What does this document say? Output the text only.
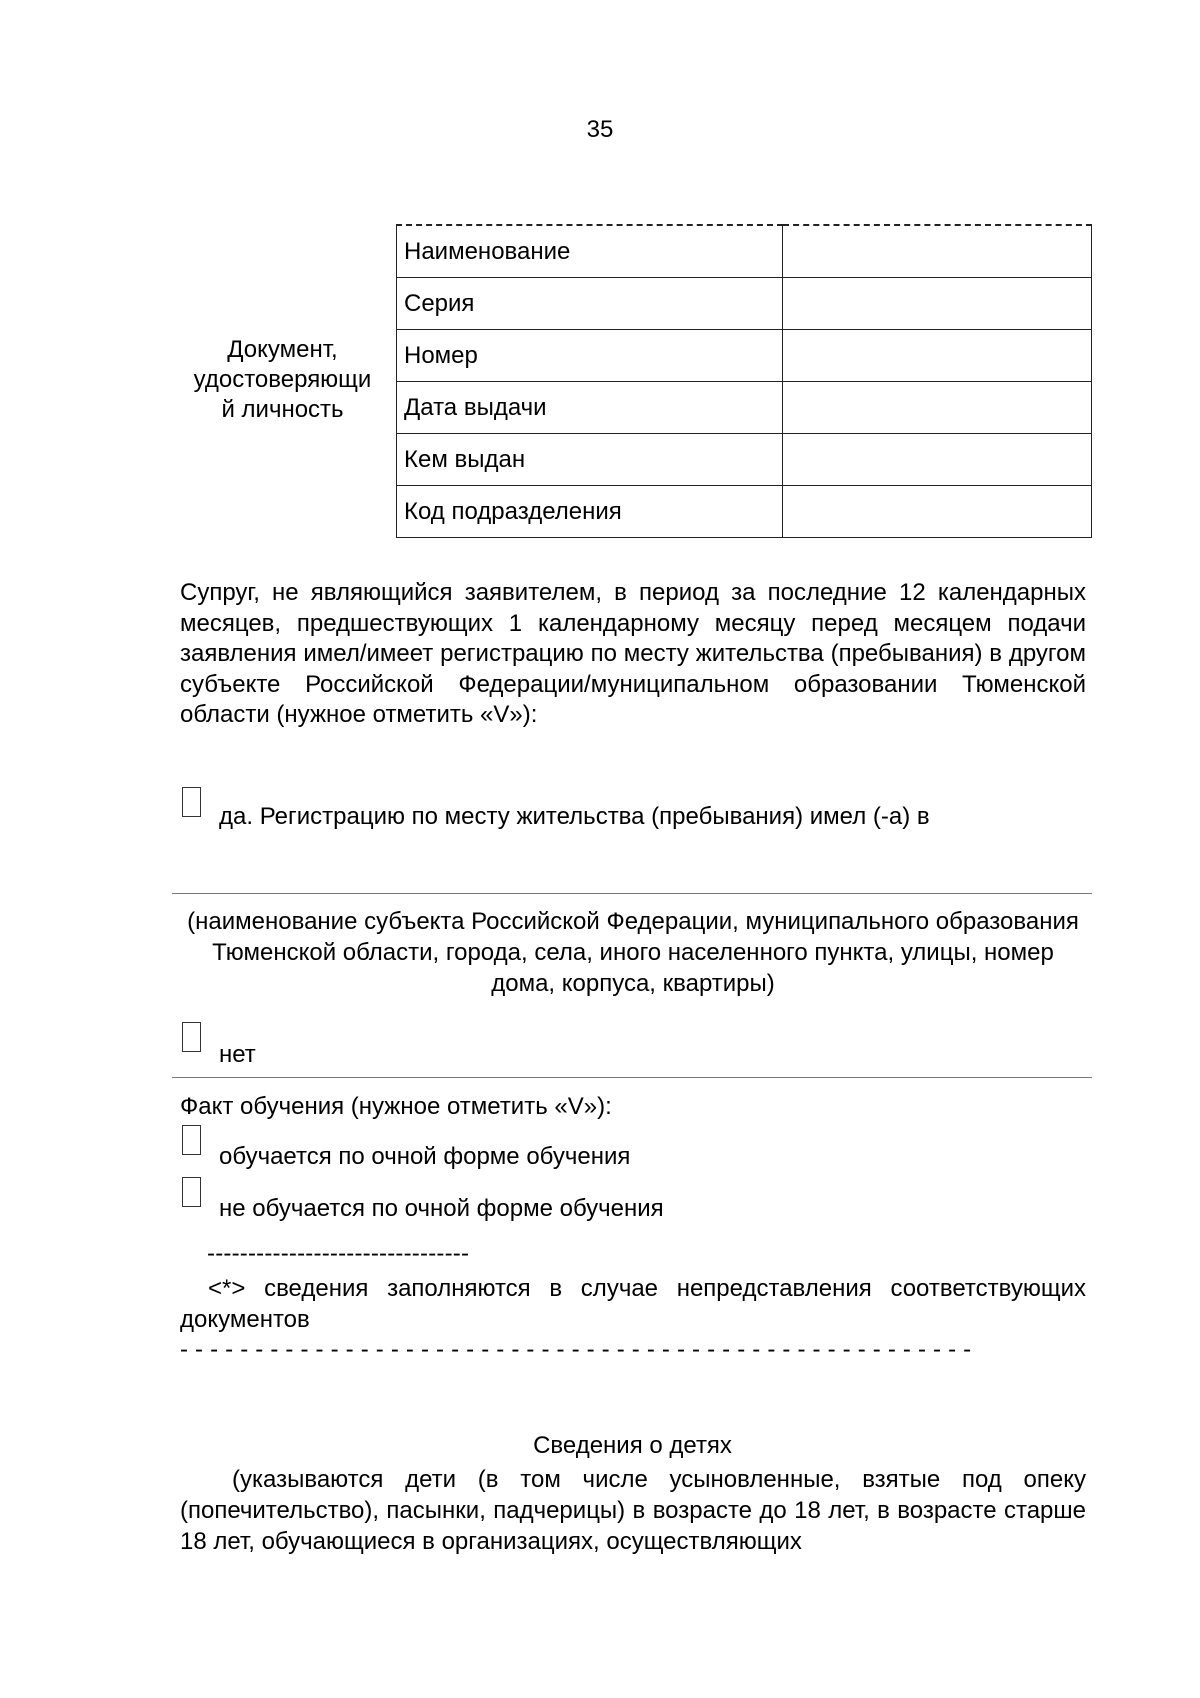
35
Документ,
удостоверяющи
й личность
Наименование	
Серия	
Номер	
Дата выдачи	
Кем выдан	
Код подразделения	
Супруг, не являющийся заявителем, в период за последние 12 календарных месяцев, предшествующих 1 календарному месяцу перед месяцем подачи заявления имел/имеет регистрацию по месту жительства (пребывания) в другом субъекте Российской Федерации/муниципальном образовании Тюменской области (нужное отметить «V»):
да. Регистрацию по месту жительства (пребывания) имел (-а) в
(наименование субъекта Российской Федерации, муниципального образования Тюменской области, города, села, иного населенного пункта, улицы, номер дома, корпуса, квартиры)
нет
Факт обучения (нужное отметить «V»):
обучается по очной форме обучения
не обучается по очной форме обучения
--------------------------------
<*> сведения заполняются в случае непредставления соответствующих документов
- - - - - - - - - - - - - - - - - - - - - - - - - - - - - - - - - - - - - - - - - - - - - - - - - - - - -
Сведения о детях
(указываются дети (в том числе усыновленные, взятые под опеку (попечительство), пасынки, падчерицы) в возрасте до 18 лет, в возрасте старше 18 лет, обучающиеся в организациях, осуществляющих
